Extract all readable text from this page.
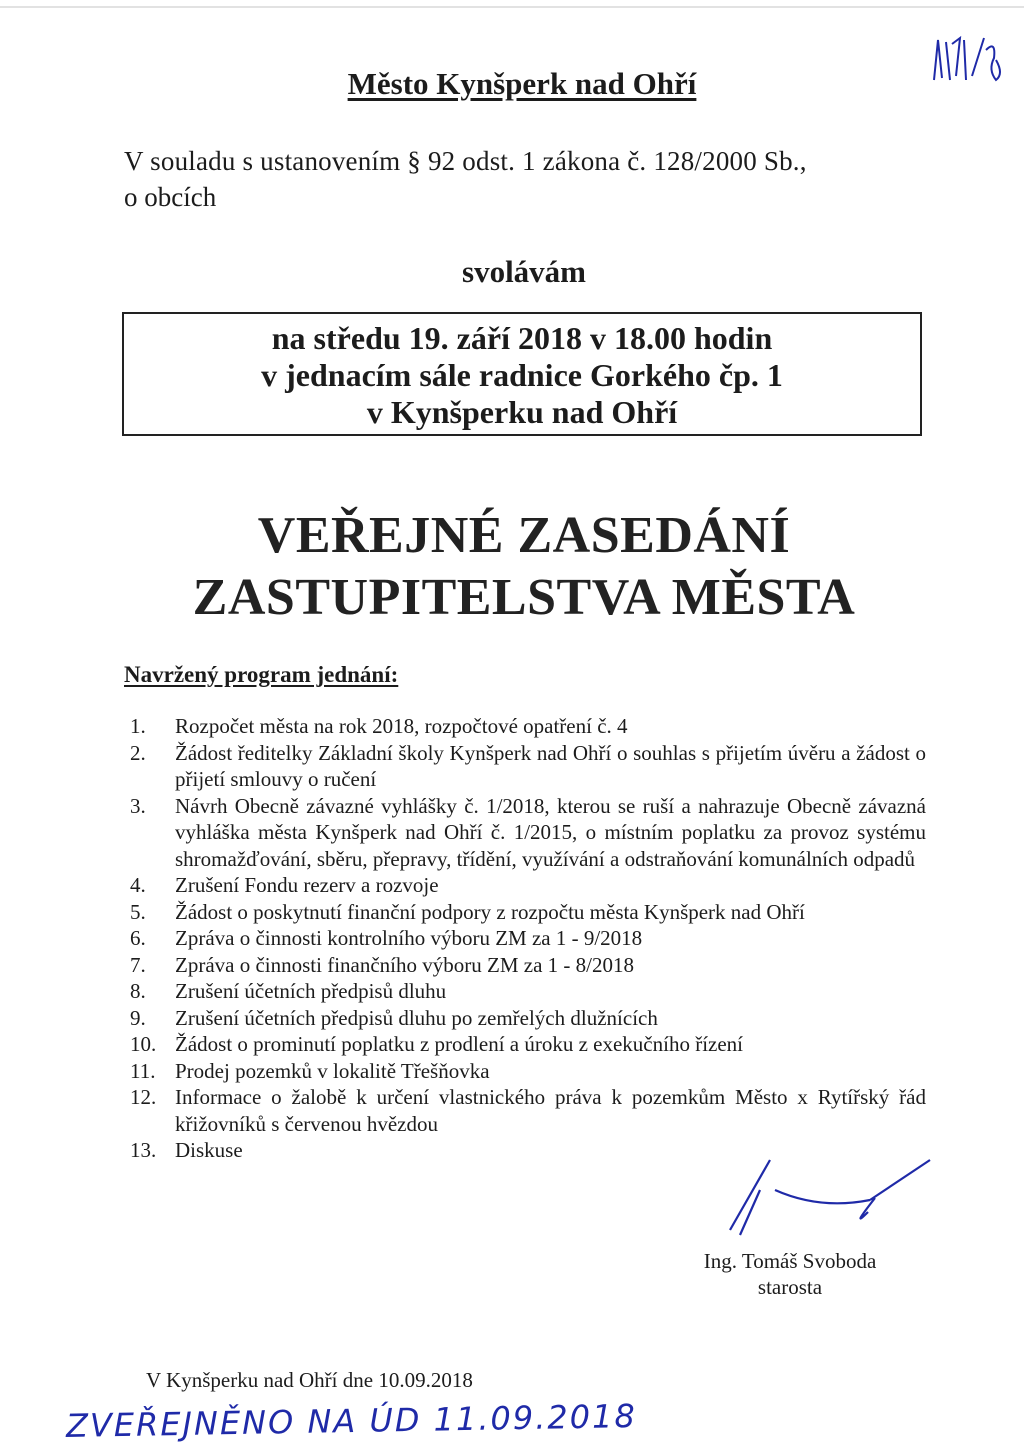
Město Kynšperk nad Ohří
V souladu s ustanovením § 92 odst. 1 zákona č. 128/2000 Sb.,
o obcích
svolávám
na středu 19. září 2018 v 18.00 hodin
v jednacím sále radnice Gorkého čp. 1
v Kynšperku nad Ohří
VEŘEJNÉ ZASEDÁNÍ
ZASTUPITELSTVA MĚSTA
Navržený program jednání:
1.	Rozpočet města na rok 2018, rozpočtové opatření č. 4
2.	Žádost ředitelky Základní školy Kynšperk nad Ohří o souhlas s přijetím úvěru a žádost o přijetí smlouvy o ručení
3.	Návrh Obecně závazné vyhlášky č. 1/2018, kterou se ruší a nahrazuje Obecně závazná vyhláška města Kynšperk nad Ohří č. 1/2015, o místním poplatku za provoz systému shromažďování, sběru, přepravy, třídění, využívání a odstraňování komunálních odpadů
4.	Zrušení Fondu rezerv a rozvoje
5.	Žádost o poskytnutí finanční podpory z rozpočtu města Kynšperk nad Ohří
6.	Zpráva o činnosti kontrolního výboru ZM za 1 - 9/2018
7.	Zpráva o činnosti finančního výboru ZM za 1 - 8/2018
8.	Zrušení účetních předpisů dluhu
9.	Zrušení účetních předpisů dluhu po zemřelých dlužnících
10. Žádost o prominutí poplatku z prodlení a úroku z exekučního řízení
11. Prodej pozemků v lokalitě Třešňovka
12. Informace o žalobě k určení vlastnického práva k pozemkům Město x Rytířský řád křižovníků s červenou hvězdou
13. Diskuse
Ing. Tomáš Svoboda
starosta
V Kynšperku nad Ohří dne 10.09.2018
ZVEŘEJNĚNO NA ÚD 11.09.2018
